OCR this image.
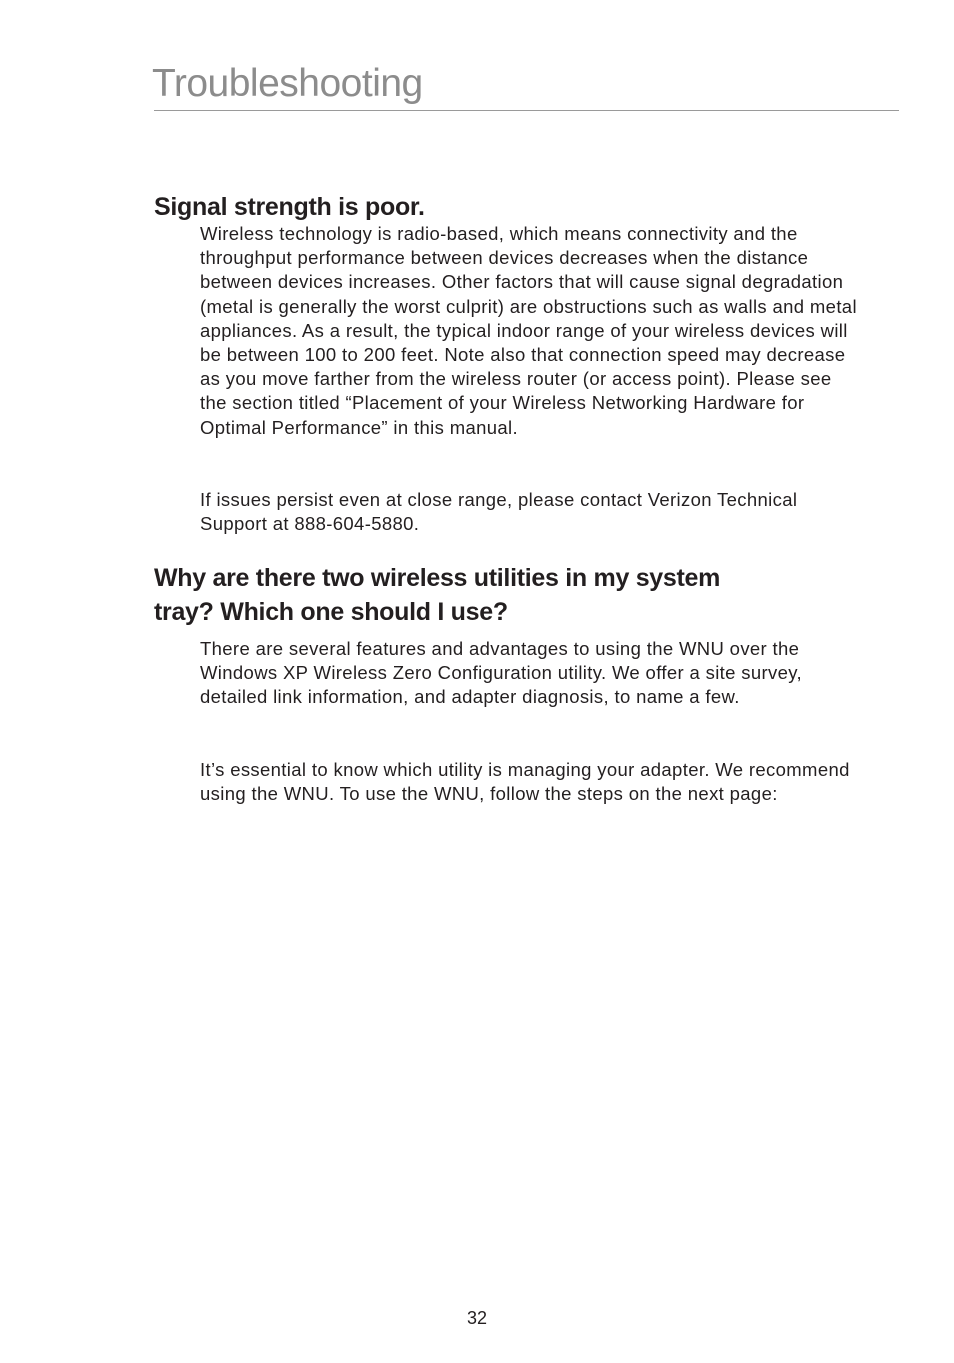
Troubleshooting
Signal strength is poor.

Wireless technology is radio-based, which means connectivity and the throughput performance between devices decreases when the distance between devices increases. Other factors that will cause signal degradation (metal is generally the worst culprit) are obstructions such as walls and metal appliances. As a result, the typical indoor range of your wireless devices will be between 100 to 200 feet. Note also that connection speed may decrease as you move farther from the wireless router (or access point). Please see the section titled “Placement of your Wireless Networking Hardware for Optimal Performance” in this manual.

If issues persist even at close range, please contact Verizon Technical Support at 888-604-5880.

Why are there two wireless utilities in my system
tray? Which one should I use?

There are several features and advantages to using the WNU over the Windows XP Wireless Zero Configuration utility. We offer a site survey, detailed link information, and adapter diagnosis, to name a few.

It’s essential to know which utility is managing your adapter. We recommend using the WNU. To use the WNU, follow the steps on the next page:

32
